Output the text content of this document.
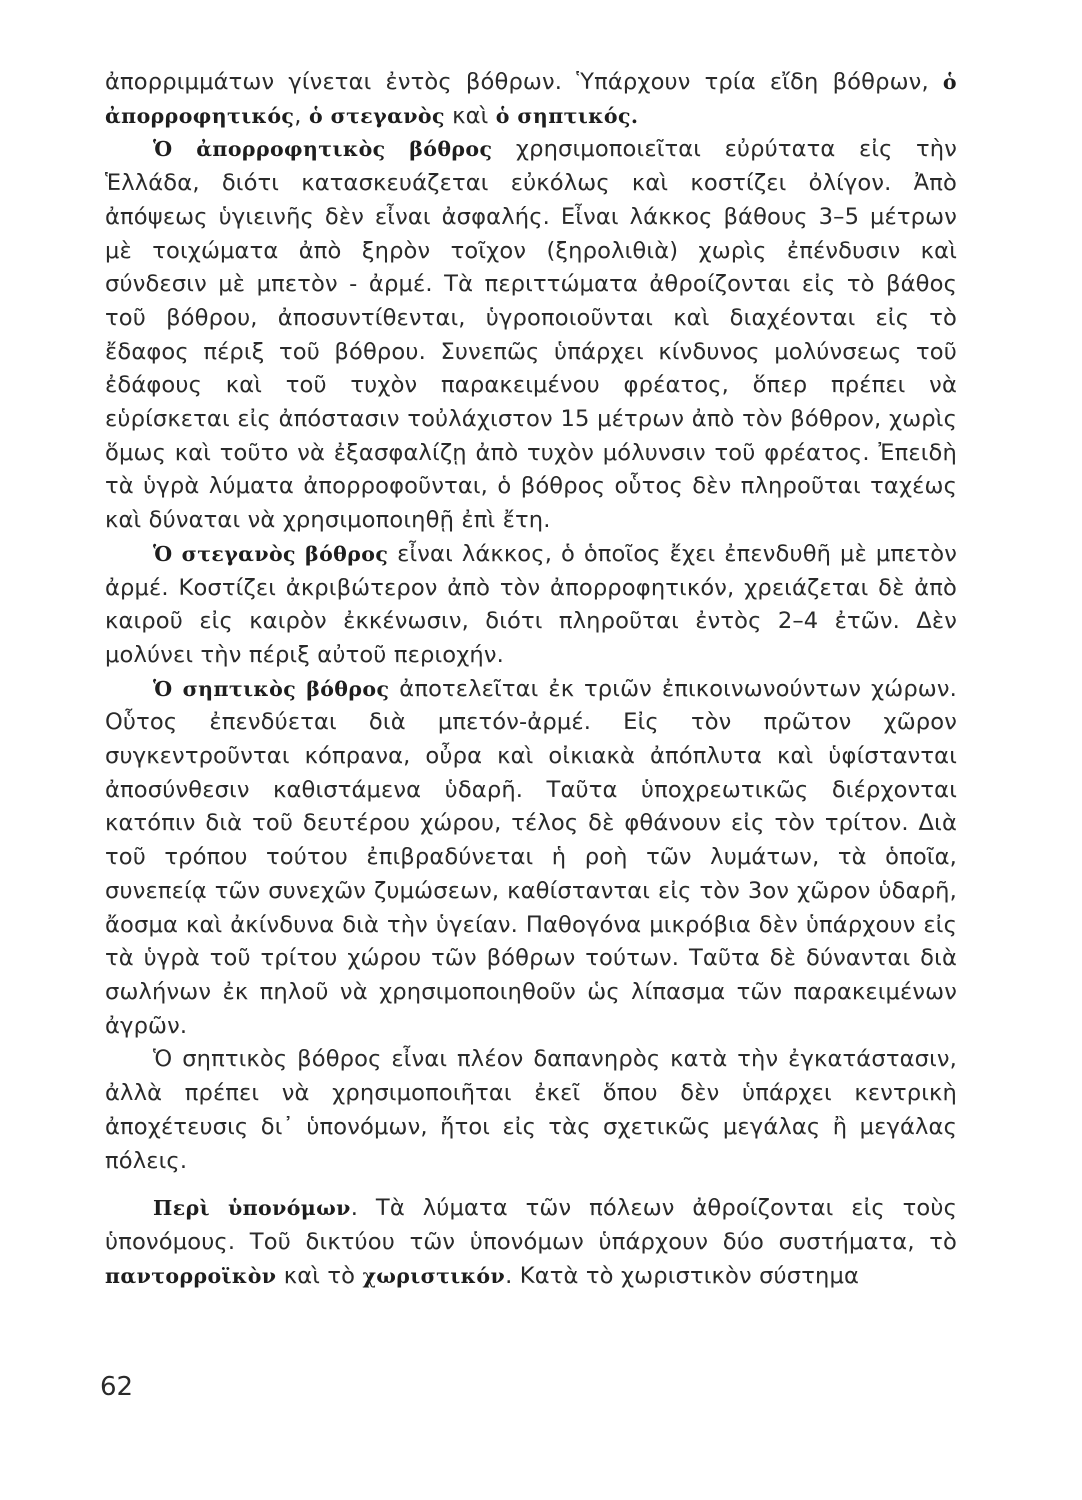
ἀπορριμμάτων γίνεται ἐντὸς βόθρων. Ὑπάρχουν τρία εἴδη βόθρων, ὁ ἀπορροφητικός, ὁ στεγανὸς καὶ ὁ σηπτικός.

Ὁ ἀπορροφητικὸς βόθρος χρησιμοποιεῖται εὐρύτατα εἰς τὴν Ἑλλάδα, διότι κατασκευάζεται εὐκόλως καὶ κοστίζει ὀλίγον. Ἀπὸ ἀπόψεως ὑγιεινῆς δὲν εἶναι ἀσφαλής. Εἶναι λάκκος βάθους 3–5 μέτρων μὲ τοιχώματα ἀπὸ ξηρὸν τοῖχον (ξηρολιθιὰ) χωρὶς ἐπένδυσιν καὶ σύνδεσιν μὲ μπετὸν - ἀρμέ. Τὰ περιττώματα ἀθροίζονται εἰς τὸ βάθος τοῦ βόθρου, ἀποσυντίθενται, ὑγροποιοῦνται καὶ διαχέονται εἰς τὸ ἔδαφος πέριξ τοῦ βόθρου. Συνεπῶς ὑπάρχει κίνδυνος μολύνσεως τοῦ ἐδάφους καὶ τοῦ τυχὸν παρακειμένου φρέατος, ὅπερ πρέπει νὰ εὑρίσκεται εἰς ἀπόστασιν τοὐλάχιστον 15 μέτρων ἀπὸ τὸν βόθρον, χωρὶς ὅμως καὶ τοῦτο νὰ ἐξασφαλίζῃ ἀπὸ τυχὸν μόλυνσιν τοῦ φρέατος. Ἐπειδὴ τὰ ὑγρὰ λύματα ἀπορροφοῦνται, ὁ βόθρος οὗτος δὲν πληροῦται ταχέως καὶ δύναται νὰ χρησιμοποιηθῇ ἐπὶ ἔτη.

Ὁ στεγανὸς βόθρος εἶναι λάκκος, ὁ ὁποῖος ἔχει ἐπενδυθῆ μὲ μπετὸν ἀρμέ. Κοστίζει ἀκριβώτερον ἀπὸ τὸν ἀπορροφητικόν, χρειάζεται δὲ ἀπὸ καιροῦ εἰς καιρὸν ἐκκένωσιν, διότι πληροῦται ἐντὸς 2–4 ἐτῶν. Δὲν μολύνει τὴν πέριξ αὐτοῦ περιοχήν.

Ὁ σηπτικὸς βόθρος ἀποτελεῖται ἐκ τριῶν ἐπικοινωνούντων χώρων. Οὗτος ἐπενδύεται διὰ μπετόν-ἀρμέ. Εἰς τὸν πρῶτον χῶρον συγκεντροῦνται κόπρανα, οὖρα καὶ οἰκιακὰ ἀπόπλυτα καὶ ὑφίστανται ἀποσύνθεσιν καθιστάμενα ὑδαρῆ. Ταῦτα ὑποχρεωτικῶς διέρχονται κατόπιν διὰ τοῦ δευτέρου χώρου, τέλος δὲ φθάνουν εἰς τὸν τρίτον. Διὰ τοῦ τρόπου τούτου ἐπιβραδύνεται ἡ ροὴ τῶν λυμάτων, τὰ ὁποῖα, συνεπείᾳ τῶν συνεχῶν ζυμώσεων, καθίστανται εἰς τὸν 3ον χῶρον ὑδαρῆ, ἄοσμα καὶ ἀκίνδυνα διὰ τὴν ὑγείαν. Παθογόνα μικρόβια δὲν ὑπάρχουν εἰς τὰ ὑγρὰ τοῦ τρίτου χώρου τῶν βόθρων τούτων. Ταῦτα δὲ δύνανται διὰ σωλήνων ἐκ πηλοῦ νὰ χρησιμοποιηθοῦν ὡς λίπασμα τῶν παρακειμένων ἀγρῶν.

Ὁ σηπτικὸς βόθρος εἶναι πλέον δαπανηρὸς κατὰ τὴν ἐγκατάστασιν, ἀλλὰ πρέπει νὰ χρησιμοποιῆται ἐκεῖ ὅπου δὲν ὑπάρχει κεντρικὴ ἀποχέτευσις δι᾿ ὑπονόμων, ἤτοι εἰς τὰς σχετικῶς μεγάλας ἢ μεγάλας πόλεις.

Περὶ ὑπονόμων. Τὰ λύματα τῶν πόλεων ἀθροίζονται εἰς τοὺς ὑπονόμους. Τοῦ δικτύου τῶν ὑπονόμων ὑπάρχουν δύο συστήματα, τὸ παντορροϊκὸν καὶ τὸ χωριστικόν. Κατὰ τὸ χωριστικὸν σύστημα

62
